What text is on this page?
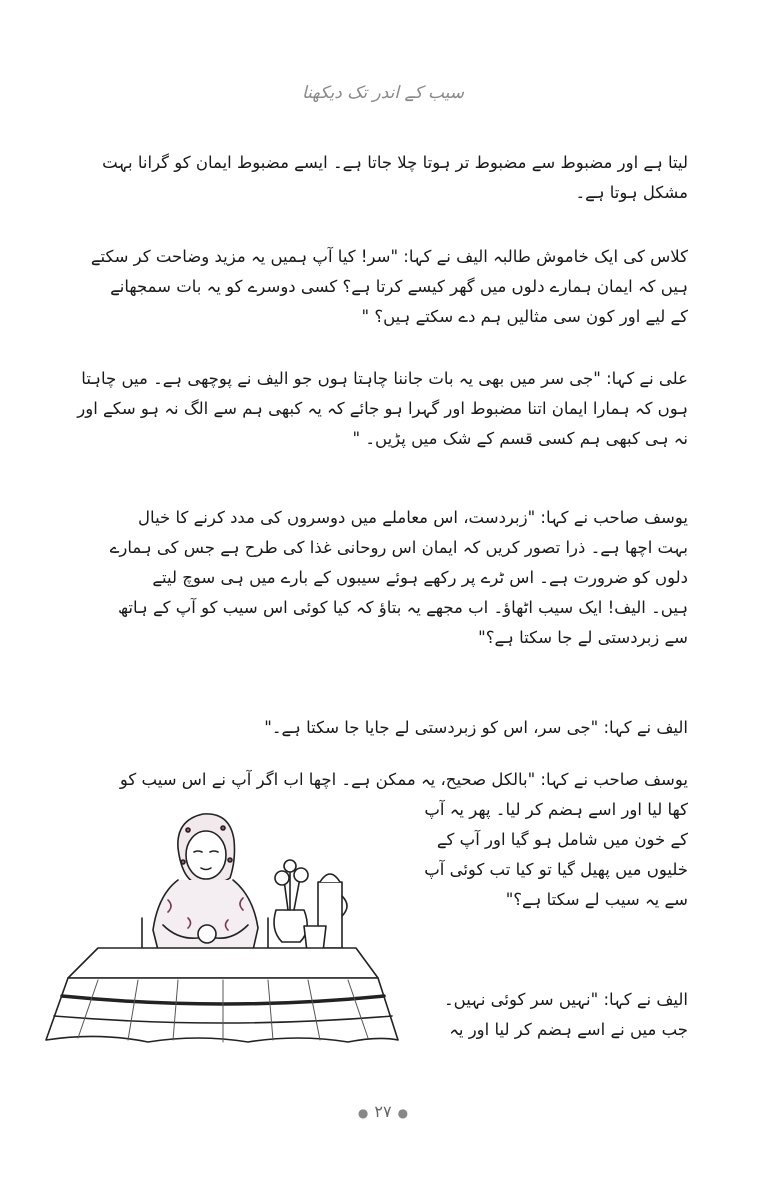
سیب کے اندر تک دیکھنا
لیتا ہے اور مضبوط سے مضبوط تر ہوتا چلا جاتا ہے۔ ایسے مضبوط ایمان کو گرانا بہت
مشکل ہوتا ہے۔
کلاس کی ایک خاموش طالبہ الیف نے کہا: "سر! کیا آپ ہمیں یہ مزید وضاحت کر سکتے
ہیں کہ ایمان ہمارے دلوں میں گھر کیسے کرتا ہے؟ کسی دوسرے کو یہ بات سمجھانے
کے لیے اور کون سی مثالیں ہم دے سکتے ہیں؟ "
علی نے کہا: "جی سر میں بھی یہ بات جاننا چاہتا ہوں جو الیف نے پوچھی ہے۔ میں چاہتا
ہوں کہ ہمارا ایمان اتنا مضبوط اور گہرا ہو جائے کہ یہ کبھی ہم سے الگ نہ ہو سکے اور
نہ ہی کبھی ہم کسی قسم کے شک میں پڑیں۔ "
یوسف صاحب نے کہا: "زبردست، اس معاملے میں دوسروں کی مدد کرنے کا خیال
بہت اچھا ہے۔ ذرا تصور کریں کہ ایمان اس روحانی غذا کی طرح ہے جس کی ہمارے
دلوں کو ضرورت ہے۔ اس ٹرے پر رکھے ہوئے سیبوں کے بارے میں ہی سوچ لیتے
ہیں۔ الیف! ایک سیب اٹھاؤ۔ اب مجھے یہ بتاؤ کہ کیا کوئی اس سیب کو آپ کے ہاتھ
سے زبردستی لے جا سکتا ہے؟"
الیف نے کہا: "جی سر، اس کو زبردستی لے جایا جا سکتا ہے۔"
یوسف صاحب نے کہا: "بالکل صحیح، یہ ممکن ہے۔ اچھا اب اگر آپ نے اس سیب کو
کھا لیا اور اسے ہضم کر لیا۔ پھر یہ آپ
کے خون میں شامل ہو گیا اور آپ کے
خلیوں میں پھیل گیا تو کیا تب کوئی آپ
سے یہ سیب لے سکتا ہے؟"
الیف نے کہا: "نہیں سر کوئی نہیں۔
جب میں نے اسے ہضم کر لیا اور یہ
● ۲۷ ●
